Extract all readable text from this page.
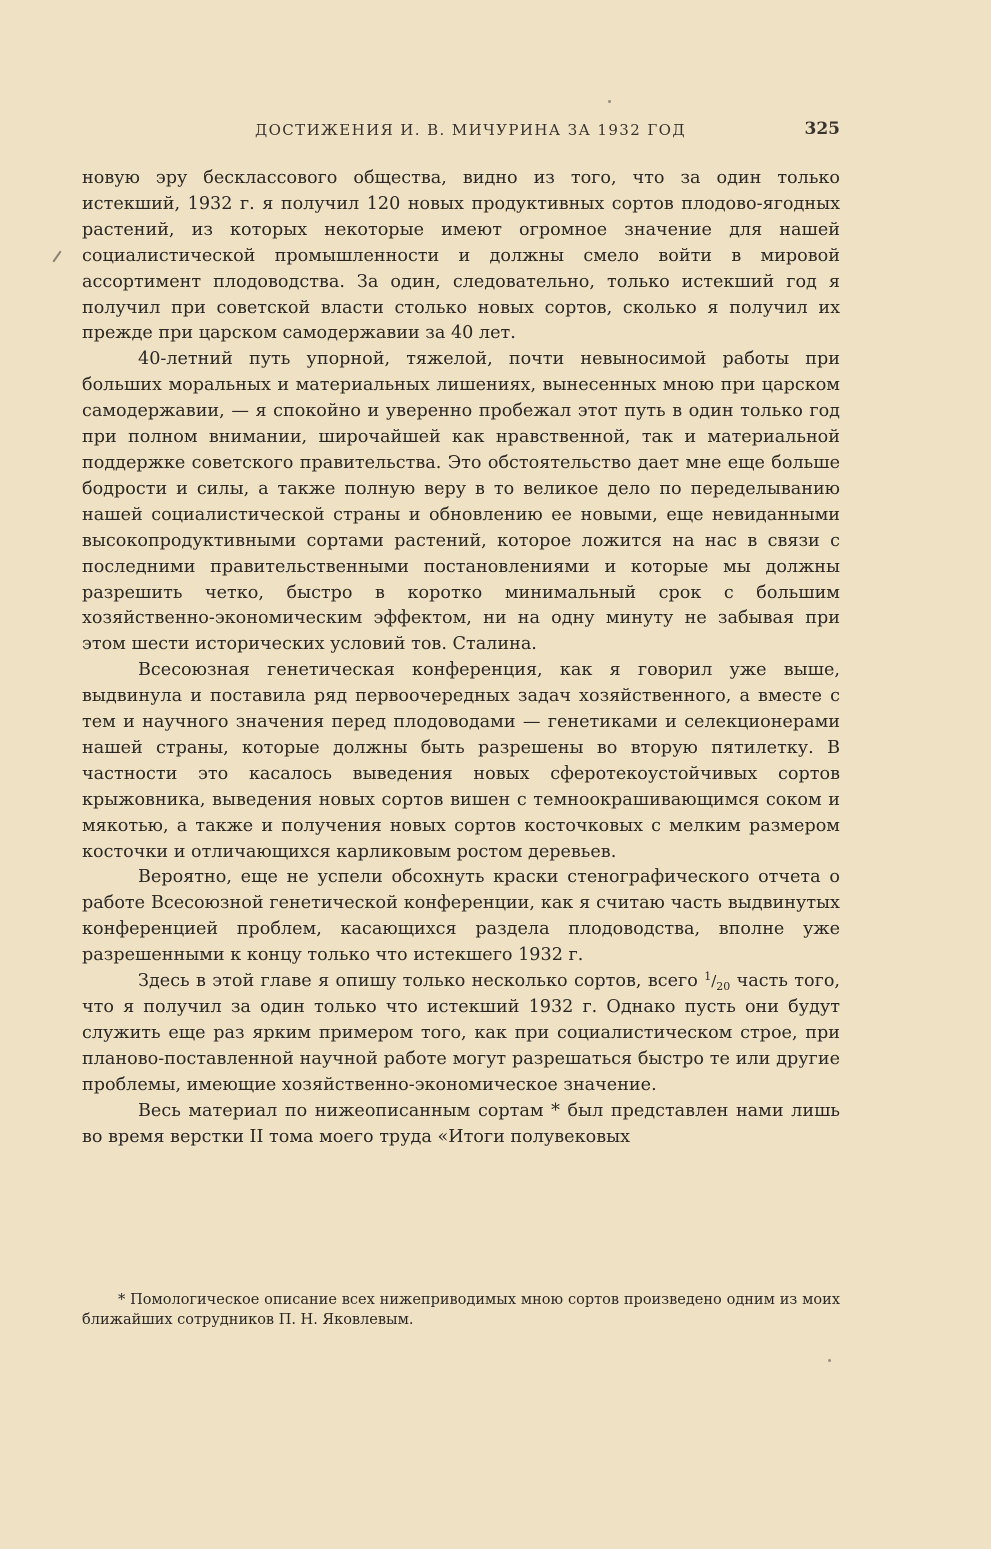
ДОСТИЖЕНИЯ И. В. МИЧУРИНА ЗА 1932 ГОД	325

новую эру бесклассового общества, видно из того, что за один только истекший, 1932 г. я получил 120 новых продуктивных сортов плодово-ягодных растений, из которых некоторые имеют огромное значение для нашей социалистической промышленности и должны смело войти в мировой ассортимент плодоводства. За один, следовательно, только истекший год я получил при советской власти столько новых сортов, сколько я получил их прежде при царском самодержавии за 40 лет.

40-летний путь упорной, тяжелой, почти невыносимой работы при больших моральных и материальных лишениях, вынесенных мною при царском самодержавии, — я спокойно и уверенно пробежал этот путь в один только год при полном внимании, широчайшей как нравственной, так и материальной поддержке советского правительства. Это обстоятельство дает мне еще больше бодрости и силы, а также полную веру в то великое дело по переделыванию нашей социалистической страны и обновлению ее новыми, еще невиданными высокопродуктивными сортами растений, которое ложится на нас в связи с последними правительственными постановлениями и которые мы должны разрешить четко, быстро в коротко минимальный срок с большим хозяйственно-экономическим эффектом, ни на одну минуту не забывая при этом шести исторических условий тов. Сталина.

Всесоюзная генетическая конференция, как я говорил уже выше, выдвинула и поставила ряд первоочередных задач хозяйственного, а вместе с тем и научного значения перед плодоводами — генетиками и селекционерами нашей страны, которые должны быть разрешены во вторую пятилетку. В частности это касалось выведения новых сферотекоустойчивых сортов крыжовника, выведения новых сортов вишен с темноокрашивающимся соком и мякотью, а также и получения новых сортов косточковых с мелким размером косточки и отличающихся карликовым ростом деревьев.

Вероятно, еще не успели обсохнуть краски стенографического отчета о работе Всесоюзной генетической конференции, как я считаю часть выдвинутых конференцией проблем, касающихся раздела плодоводства, вполне уже разрешенными к концу только что истекшего 1932 г.

Здесь в этой главе я опишу только несколько сортов, всего $^1/_{20}$ часть того, что я получил за один только что истекший 1932 г. Однако пусть они будут служить еще раз ярким примером того, как при социалистическом строе, при планово-поставленной научной работе могут разрешаться быстро те или другие проблемы, имеющие хозяйственно-экономическое значение.

Весь материал по нижеописанным сортам * был представлен нами лишь во время верстки II тома моего труда «Итоги полувековых

* Помологическое описание всех нижеприводимых мною сортов произведено одним из моих ближайших сотрудников П. Н. Яковлевым.
